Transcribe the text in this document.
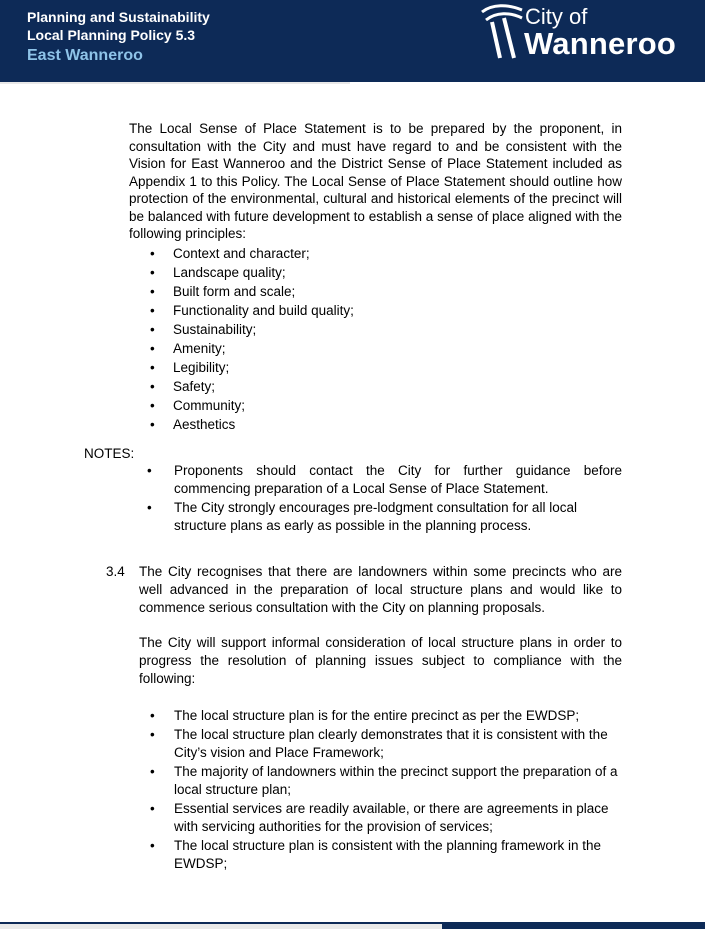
Planning and Sustainability
Local Planning Policy 5.3
East Wanneroo
City of
Wanneroo
The Local Sense of Place Statement is to be prepared by the proponent, in consultation with the City and must have regard to and be consistent with the Vision for East Wanneroo and the District Sense of Place Statement included as Appendix 1 to this Policy. The Local Sense of Place Statement should outline how protection of the environmental, cultural and historical elements of the precinct will be balanced with future development to establish a sense of place aligned with the following principles:
•	Context and character;
•	Landscape quality;
•	Built form and scale;
•	Functionality and build quality;
•	Sustainability;
•	Amenity;
•	Legibility;
•	Safety;
•	Community;
•	Aesthetics
NOTES:
• Proponents should contact the City for further guidance before commencing preparation of a Local Sense of Place Statement.
• The City strongly encourages pre-lodgment consultation for all local structure plans as early as possible in the planning process.
3.4 The City recognises that there are landowners within some precincts who are well advanced in the preparation of local structure plans and would like to commence serious consultation with the City on planning proposals.
The City will support informal consideration of local structure plans in order to progress the resolution of planning issues subject to compliance with the following:
• The local structure plan is for the entire precinct as per the EWDSP;
• The local structure plan clearly demonstrates that it is consistent with the City’s vision and Place Framework;
• The majority of landowners within the precinct support the preparation of a local structure plan;
• Essential services are readily available, or there are agreements in place with servicing authorities for the provision of services;
• The local structure plan is consistent with the planning framework in the EWDSP;
